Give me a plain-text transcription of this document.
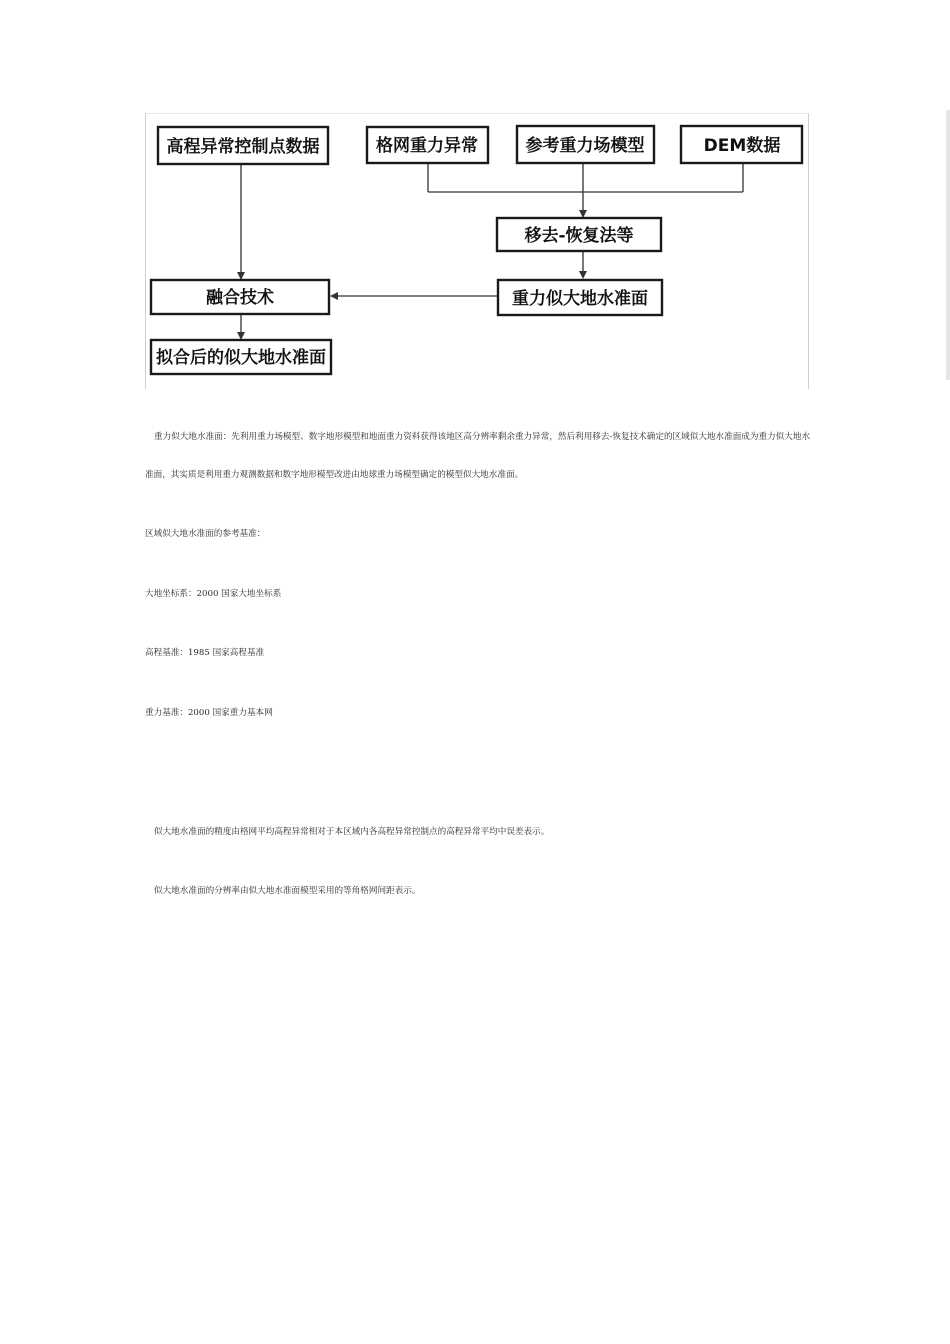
高程异常控制点数据	格网重力异常	参考重力场模型	DEM数据
移去-恢复法等
融合技术	重力似大地水准面
拟合后的似大地水准面

重力似大地水准面：先利用重力场模型、数字地形模型和地面重力资料获得该地区高分辨率剩余重力异常，然后利用移去-恢复技术确定的区域似大地水准面成为重力似大地水准面，其实质是利用重力观测数据和数字地形模型改进由地球重力场模型确定的模型似大地水准面。

区域似大地水准面的参考基准：

大地坐标系：2000 国家大地坐标系

高程基准：1985 国家高程基准

重力基准：2000 国家重力基本网

似大地水准面的精度由格网平均高程异常相对于本区域内各高程异常控制点的高程异常平均中误差表示。

似大地水准面的分辨率由似大地水准面模型采用的等角格网间距表示。
